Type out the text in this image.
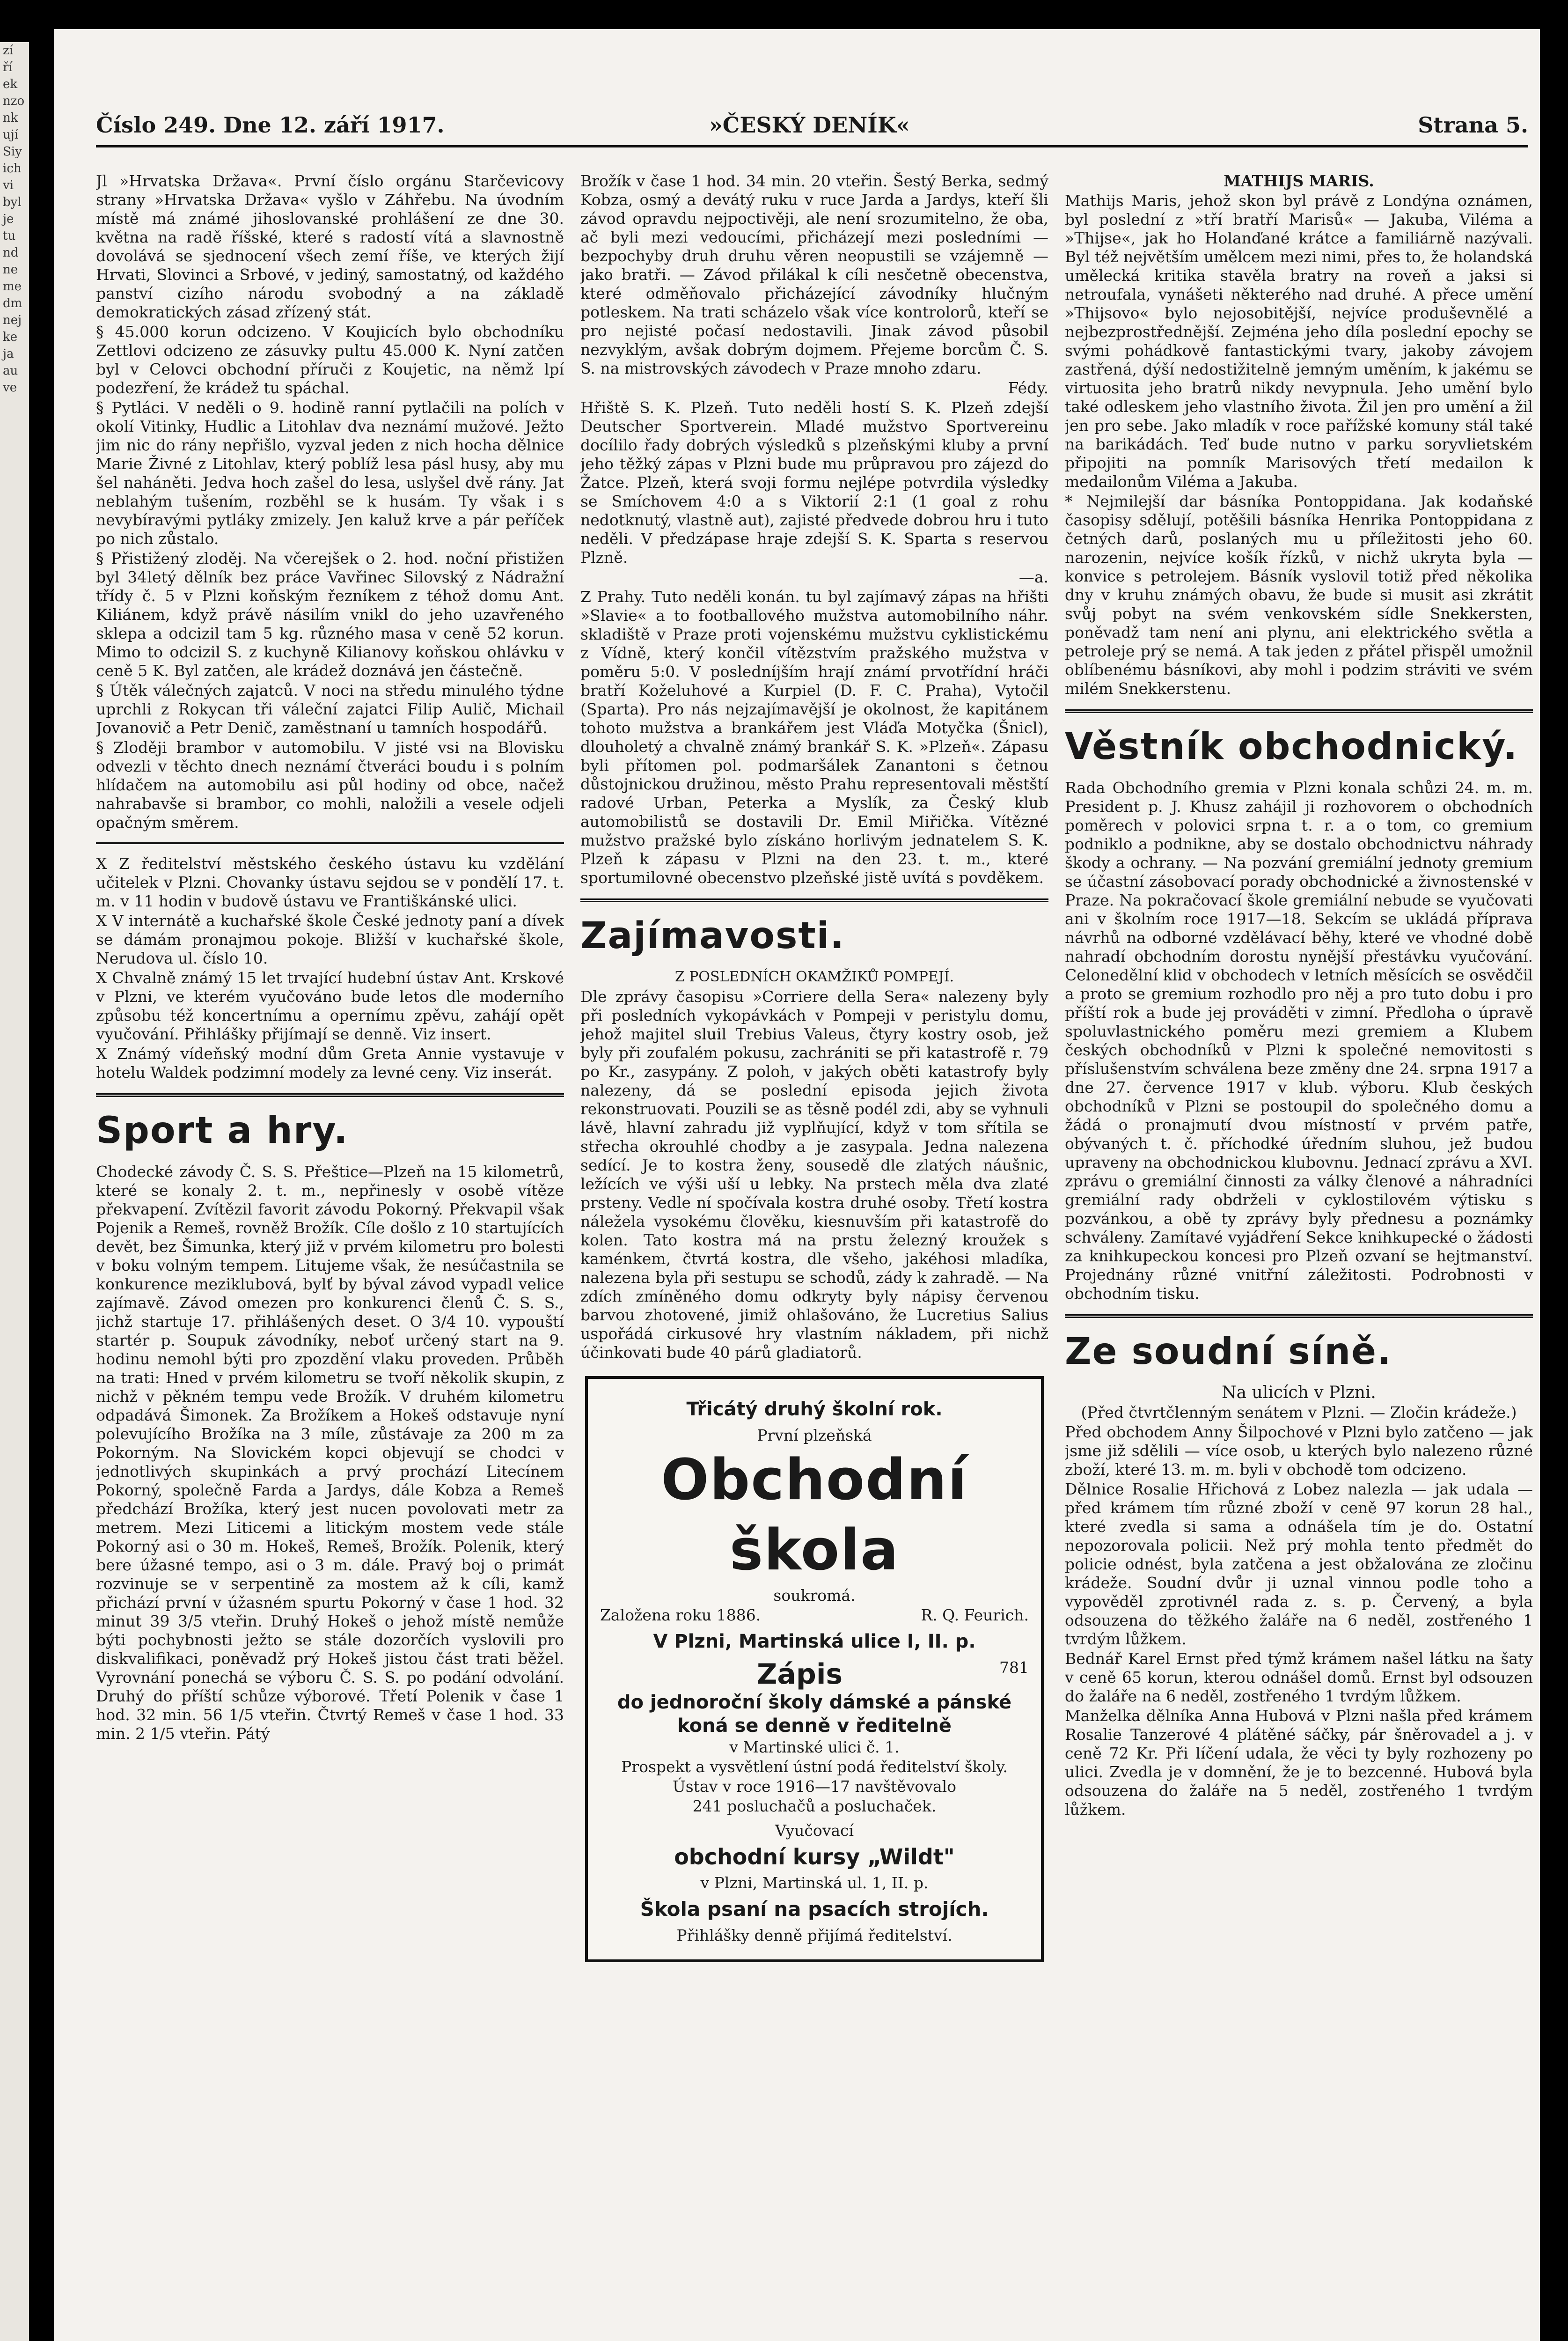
zí
ří
ek
nzo
nk
ují
Siy
ich
vi
byl
je
tu
nd
ne
me
dm
nej
ke
ja
au
ve
Číslo 249. Dne 12. září 1917.	»ČESKÝ DENÍK«	Strana 5.

Jl »Hrvatska Država«. První číslo orgánu Starčevicovy strany »Hrvatska Država« vyšlo v Záhřebu. Na úvodním místě má známé jihoslovanské prohlášení ze dne 30. května na radě říšské, které s radostí vítá a slavnostně dovolává se sjednocení všech zemí říše, ve kterých žijí Hrvati, Slovinci a Srbové, v jediný, samostatný, od každého panství cizího národu svobodný a na základě demokratických zásad zřízený stát.

§ 45.000 korun odcizeno. V Koujicích bylo obchodníku Zettlovi odcizeno ze zásuvky pultu 45.000 K. Nyní zatčen byl v Celovci obchodní příruči z Koujetic, na němž lpí podezření, že krádež tu spáchal.

§ Pytláci. V neděli o 9. hodině ranní pytlačili na polích v okolí Vitinky, Hudlic a Litohlav dva neznámí mužové. Ježto jim nic do rány nepřišlo, vyzval jeden z nich hocha dělnice Marie Živné z Litohlav, který poblíž lesa pásl husy, aby mu šel naháněti. Jedva hoch zašel do lesa, uslyšel dvě rány. Jat neblahým tušením, rozběhl se k husám. Ty však i s nevybíravými pytláky zmizely. Jen kaluž krve a pár peříček po nich zůstalo.

§ Přistižený zloděj. Na včerejšek o 2. hod. noční přistižen byl 34letý dělník bez práce Vavřinec Silovský z Nádražní třídy č. 5 v Plzni koňským řezníkem z téhož domu Ant. Kiliánem, když právě násilím vnikl do jeho uzavřeného sklepa a odcizil tam 5 kg. různého masa v ceně 52 korun. Mimo to odcizil S. z kuchyně Kilianovy koňskou ohlávku v ceně 5 K. Byl zatčen, ale krádež doznává jen částečně.

§ Útěk válečných zajatců. V noci na středu minulého týdne uprchli z Rokycan tři váleční zajatci Filip Aulič, Michail Jovanovič a Petr Denič, zaměstnaní u tamních hospodářů.

§ Zloději brambor v automobilu. V jisté vsi na Blovisku odvezli v těchto dnech neznámí čtveráci boudu i s polním hlídačem na automobilu asi půl hodiny od obce, načež nahrabavše si brambor, co mohli, naložili a vesele odjeli opačným směrem.

X Z ředitelství městského českého ústavu ku vzdělání učitelek v Plzni. Chovanky ústavu sejdou se v pondělí 17. t. m. v 11 hodin v budově ústavu ve Františkánské ulici.

X V internátě a kuchařské škole České jednoty paní a dívek se dámám pronajmou pokoje. Bližší v kuchařské škole, Nerudova ul. číslo 10.

X Chvalně známý 15 let trvající hudební ústav Ant. Krskové v Plzni, ve kterém vyučováno bude letos dle moderního způsobu též koncertnímu a opernímu zpěvu, zahájí opět vyučování. Přihlášky přijímají se denně. Viz insert.

X Známý vídeňský modní dům Greta Annie vystavuje v hotelu Waldek podzimní modely za levné ceny. Viz inserát.

Sport a hry.

Chodecké závody Č. S. S. Přeštice—Plzeň na 15 kilometrů, které se konaly 2. t. m., nepřinesly v osobě vítěze překvapení. Zvítězil favorit závodu Pokorný. Překvapil však Pojenik a Remeš, rovněž Brožík. Cíle došlo z 10 startujících devět, bez Šimunka, který již v prvém kilometru pro bolesti v boku volným tempem. Litujeme však, že nesúčastnila se konkurence meziklubová, bylť by býval závod vypadl velice zajímavě. Závod omezen pro konkurenci členů Č. S. S., jichž startuje 17. přihlášených deset. O 3/4 10. vypouští startér p. Soupuk závodníky, neboť určený start na 9. hodinu nemohl býti pro zpozdění vlaku proveden. Průběh na trati: Hned v prvém kilometru se tvoří několik skupin, z nichž v pěkném tempu vede Brožík. V druhém kilometru odpadává Šimonek. Za Brožíkem a Hokeš odstavuje nyní polevujícího Brožíka na 3 míle, zůstávaje za 200 m za Pokorným. Na Slovickém kopci objevují se chodci v jednotlivých skupinkách a prvý prochází Litecínem Pokorný, společně Farda a Jardys, dále Kobza a Remeš předchází Brožíka, který jest nucen povolovati metr za metrem. Mezi Liticemi a litickým mostem vede stále Pokorný asi o 30 m. Hokeš, Remeš, Brožík. Polenik, který bere úžasné tempo, asi o 3 m. dále. Pravý boj o primát rozvinuje se v serpentině za mostem až k cíli, kamž přichází první v úžasném spurtu Pokorný v čase 1 hod. 32 minut 39 3/5 vteřin. Druhý Hokeš o jehož místě nemůže býti pochybnosti ježto se stále dozorčích vyslovili pro diskvalifikaci, poněvadž prý Hokeš jistou část trati běžel. Vyrovnání ponechá se výboru Č. S. S. po podání odvolání. Druhý do příští schůze výborové. Třetí Polenik v čase 1 hod. 32 min. 56 1/5 vteřin. Čtvrtý Remeš v čase 1 hod. 33 min. 2 1/5 vteřin. Pátý

Brožík v čase 1 hod. 34 min. 20 vteřin. Šestý Berka, sedmý Kobza, osmý a devátý ruku v ruce Jarda a Jardys, kteří šli závod opravdu nejpoctivěji, ale není srozumitelno, že oba, ač byli mezi vedoucími, přicházejí mezi posledními — bezpochyby druh druhu věren neopustili se vzájemně — jako bratři. — Závod přilákal k cíli nesčetně obecenstva, které odměňovalo přicházející závodníky hlučným potleskem. Na trati scházelo však více kontrolorů, kteří se pro nejisté počasí nedostavili. Jinak závod působil nezvyklým, avšak dobrým dojmem. Přejeme borcům Č. S. S. na mistrovských závodech v Praze mnoho zdaru.

Fédy.

Hřiště S. K. Plzeň. Tuto neděli hostí S. K. Plzeň zdejší Deutscher Sportverein. Mladé mužstvo Sportvereinu docílilo řady dobrých výsledků s plzeňskými kluby a první jeho těžký zápas v Plzni bude mu průpravou pro zájezd do Žatce. Plzeň, která svoji formu nejlépe potvrdila výsledky se Smíchovem 4:0 a s Viktorií 2:1 (1 goal z rohu nedotknutý, vlastně aut), zajisté předvede dobrou hru i tuto neděli. V předzápase hraje zdejší S. K. Sparta s reservou Plzně.

—a.

Z Prahy. Tuto neděli konán. tu byl zajímavý zápas na hřišti »Slavie« a to footballového mužstva automobilního náhr. skladiště v Praze proti vojenskému mužstvu cyklistickému z Vídně, který končil vítězstvím pražského mužstva v poměru 5:0. V posledníjším hrají známí prvotřídní hráči bratří Koželuhové a Kurpiel (D. F. C. Praha), Vytočil (Sparta). Pro nás nejzajímavější je okolnost, že kapitánem tohoto mužstva a brankářem jest Vláďa Motyčka (Šnicl), dlouholetý a chvalně známý brankář S. K. »Plzeň«. Zápasu byli přítomen pol. podmaršálek Zanantoni s četnou důstojnickou družinou, město Prahu representovali městští radové Urban, Peterka a Myslík, za Český klub automobilistů se dostavili Dr. Emil Miřička. Vítězné mužstvo pražské bylo získáno horlivým jednatelem S. K. Plzeň k zápasu v Plzni na den 23. t. m., které sportumilovné obecenstvo plzeňské jistě uvítá s povděkem.

Zajímavosti.

Z POSLEDNÍCH OKAMŽIKŮ POMPEJÍ.

Dle zprávy časopisu »Corriere della Sera« nalezeny byly při posledních vykopávkách v Pompeji v peristylu domu, jehož majitel sluil Trebius Valeus, čtyry kostry osob, jež byly při zoufalém pokusu, zachrániti se při katastrofě r. 79 po Kr., zasypány. Z poloh, v jakých oběti katastrofy byly nalezeny, dá se poslední episoda jejich života rekonstruovati. Pouzili se as těsně podél zdi, aby se vyhnuli lávě, hlavní zahradu již vyplňující, když v tom sřítila se střecha okrouhlé chodby a je zasypala. Jedna nalezena sedící. Je to kostra ženy, sousedě dle zlatých náušnic, ležících ve výši uší u lebky. Na prstech měla dva zlaté prsteny. Vedle ní spočívala kostra druhé osoby. Třetí kostra náležela vysokému člověku, kiesnuvším při katastrofě do kolen. Tato kostra má na prstu železný kroužek s kaménkem, čtvrtá kostra, dle všeho, jakéhosi mladíka, nalezena byla při sestupu se schodů, zády k zahradě. — Na zdích zmíněného domu odkryty byly nápisy červenou barvou zhotovené, jimiž ohlašováno, že Lucretius Salius uspořádá cirkusové hry vlastním nákladem, při nichž účinkovati bude 40 párů gladiatorů.

Třicátý druhý školní rok.
První plzeňská
Obchodní škola
soukromá.
Založena roku 1886.	R. Q. Feurich.
V Plzni, Martinská ulice I, II. p.
Zápis	781
do jednoroční školy dámské a pánské koná se denně v ředitelně
v Martinské ulici č. 1.
Prospekt a vysvětlení ústní podá ředitelství školy.
Ústav v roce 1916—17 navštěvovalo
241 posluchačů a posluchaček.
Vyučovací
obchodní kursy „Wildt"
v Plzni, Martinská ul. 1, II. p.
Škola psaní na psacích strojích.
Přihlášky denně přijímá ředitelství.

MATHIJS MARIS.

Mathijs Maris, jehož skon byl právě z Londýna oznámen, byl poslední z »tří bratří Marisů« — Jakuba, Viléma a »Thijse«, jak ho Holanďané krátce a familiárně nazývali. Byl též největším umělcem mezi nimi, přes to, že holandská umělecká kritika stavěla bratry na roveň a jaksi si netroufala, vynášeti některého nad druhé. A přece umění »Thijsovo« bylo nejosobitější, nejvíce produševnělé a nejbezprostřednější. Zejména jeho díla poslední epochy se svými pohádkově fantastickými tvary, jakoby závojem zastřená, dýší nedostižitelně jemným uměním, k jakému se virtuosita jeho bratrů nikdy nevypnula. Jeho umění bylo také odleskem jeho vlastního života. Žil jen pro umění a žil jen pro sebe. Jako mladík v roce pařížské komuny stál také na barikádách. Teď bude nutno v parku soryvlietském připojiti na pomník Marisových třetí medailon k medailonům Viléma a Jakuba.

* Nejmilejší dar básníka Pontoppidana. Jak kodaňské časopisy sdělují, potěšili básníka Henrika Pontoppidana z četných darů, poslaných mu u příležitosti jeho 60. narozenin, nejvíce košík řízků, v nichž ukryta byla — konvice s petrolejem. Básník vyslovil totiž před několika dny v kruhu známých obavu, že bude si musit asi zkrátit svůj pobyt na svém venkovském sídle Snekkersten, poněvadž tam není ani plynu, ani elektrického světla a petroleje prý se nemá. A tak jeden z přátel přispěl umožnil oblíbenému básníkovi, aby mohl i podzim stráviti ve svém milém Snekkerstenu.

Věstník obchodnický.

Rada Obchodního gremia v Plzni konala schůzi 24. m. m. President p. J. Khusz zahájil ji rozhovorem o obchodních poměrech v polovici srpna t. r. a o tom, co gremium podniklo a podnikne, aby se dostalo obchodnictvu náhrady škody a ochrany. — Na pozvání gremiální jednoty gremium se účastní zásobovací porady obchodnické a živnostenské v Praze. Na pokračovací škole gremiální nebude se vyučovati ani v školním roce 1917—18. Sekcím se ukládá příprava návrhů na odborné vzdělávací běhy, které ve vhodné době nahradí obchodním dorostu nynější přestávku vyučování. Celonedělní klid v obchodech v letních měsících se osvědčil a proto se gremium rozhodlo pro něj a pro tuto dobu i pro příští rok a bude jej prováděti v zimní. Předloha o úpravě spoluvlastnického poměru mezi gremiem a Klubem českých obchodníků v Plzni k společné nemovitosti s příslušenstvím schválena beze změny dne 24. srpna 1917 a dne 27. července 1917 v klub. výboru. Klub českých obchodníků v Plzni se postoupil do společného domu a žádá o pronajmutí dvou místností v prvém patře, obývaných t. č. příchodké úředním sluhou, jež budou upraveny na obchodnickou klubovnu. Jednací zprávu a XVI. zprávu o gremiální činnosti za války členové a náhradníci gremiální rady obdrželi v cyklostilovém výtisku s pozvánkou, a obě ty zprávy byly přednesu a poznámky schváleny. Zamítavé vyjádření Sekce knihkupecké o žádosti za knihkupeckou koncesi pro Plzeň ozvaní se hejtmanství. Projednány různé vnitřní záležitosti. Podrobnosti v obchodním tisku.

Ze soudní síně.

Na ulicích v Plzni.

(Před čtvrtčlenným senátem v Plzni. — Zločin krádeže.)

Před obchodem Anny Šilpochové v Plzni bylo zatčeno — jak jsme již sdělili — více osob, u kterých bylo nalezeno různé zboží, které 13. m. m. byli v obchodě tom odcizeno.

Dělnice Rosalie Hřichová z Lobez nalezla — jak udala — před krámem tím různé zboží v ceně 97 korun 28 hal., které zvedla si sama a odnášela tím je do. Ostatní nepozorovala policii. Než prý mohla tento předmět do policie odnést, byla zatčena a jest obžalována ze zločinu krádeže. Soudní dvůr ji uznal vinnou podle toho a vypověděl zprotivnél rada z. s. p. Červený, a byla odsouzena do těžkého žaláře na 6 neděl, zostřeného 1 tvrdým lůžkem.

Bednář Karel Ernst před týmž krámem našel látku na šaty v ceně 65 korun, kterou odnášel domů. Ernst byl odsouzen do žaláře na 6 neděl, zostřeného 1 tvrdým lůžkem.

Manželka dělníka Anna Hubová v Plzni našla před krámem Rosalie Tanzerové 4 plátěné sáčky, pár šněrovadel a j. v ceně 72 Kr. Při líčení udala, že věci ty byly rozhozeny po ulici. Zvedla je v domnění, že je to bezcenné. Hubová byla odsouzena do žaláře na 5 neděl, zostřeného 1 tvrdým lůžkem.
